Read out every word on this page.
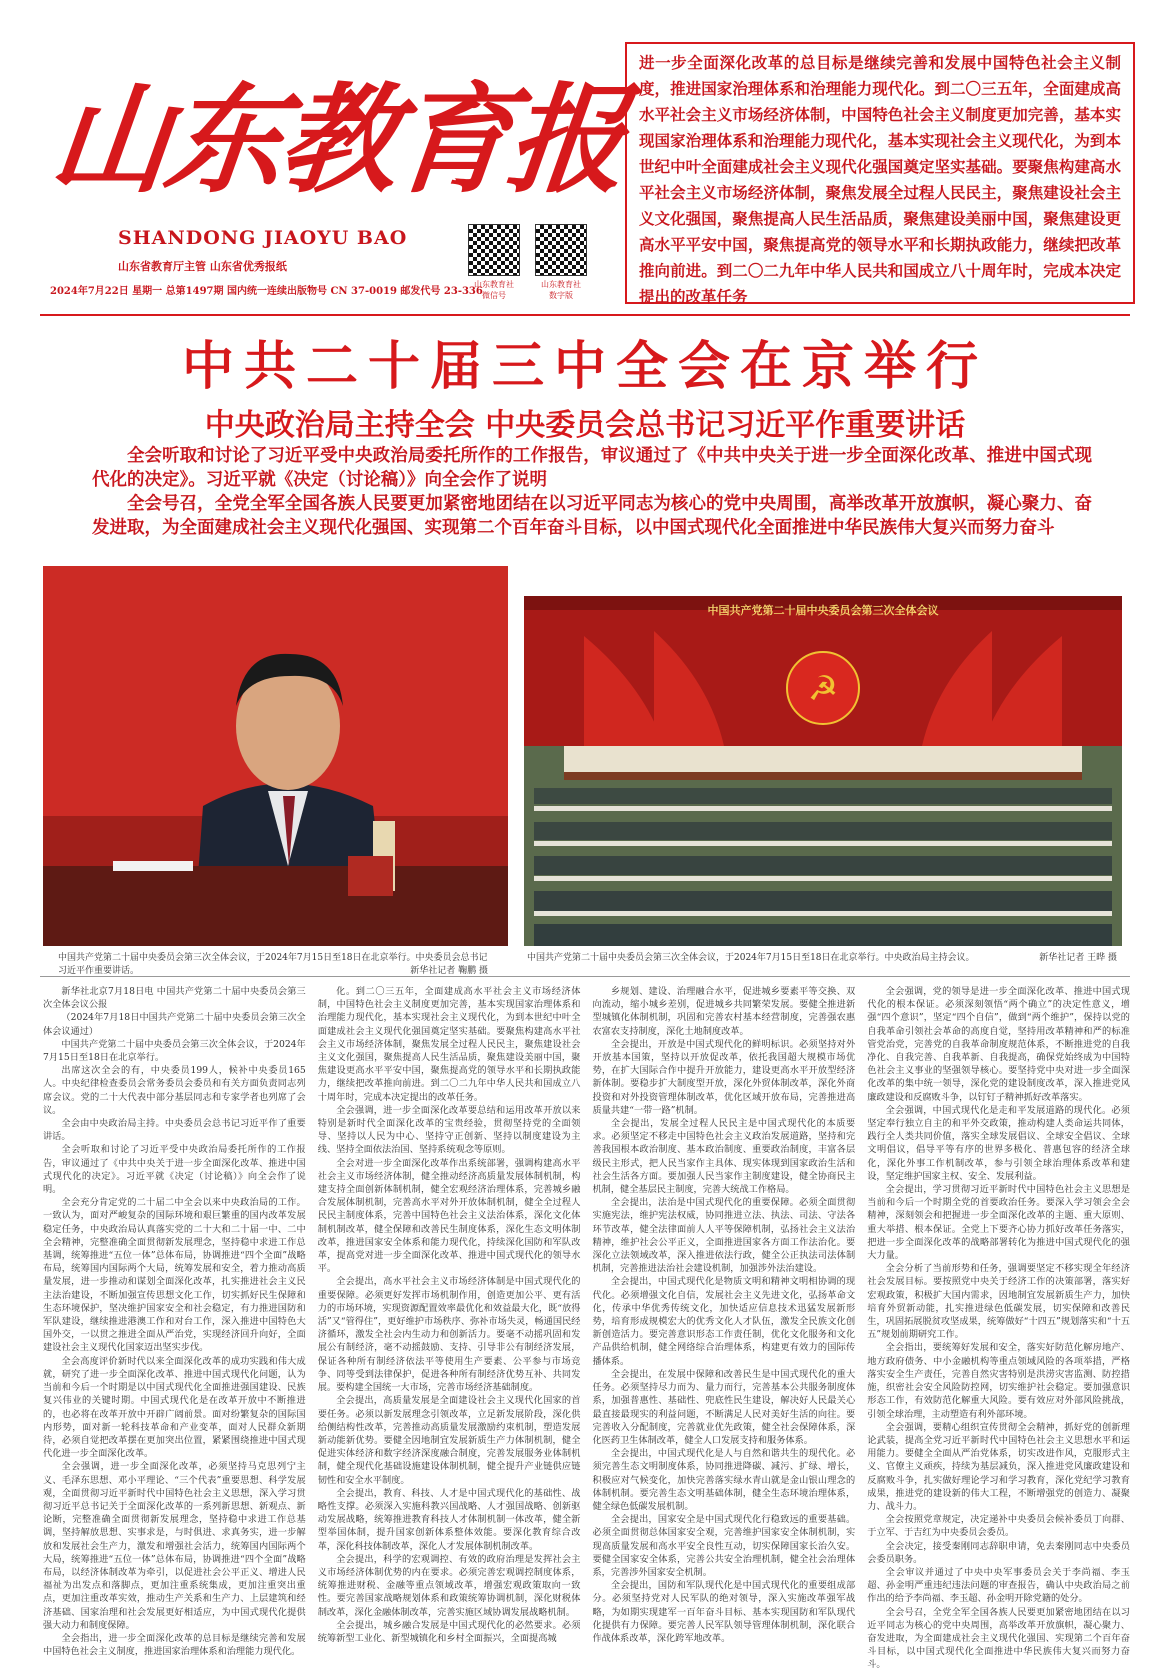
山东教育报
SHANDONG JIAOYU BAO
山东省教育厅主管 山东省优秀报纸
2024年7月22日 星期一 总第1497期 国内统一连续出版物号 CN 37-0019 邮发代号 23-336
山东教育社
微信号
山东教育社
数字版
进一步全面深化改革的总目标是继续完善和发展中国特色社会主义制度，推进国家治理体系和治理能力现代化。到二〇三五年，全面建成高水平社会主义市场经济体制，中国特色社会主义制度更加完善，基本实现国家治理体系和治理能力现代化，基本实现社会主义现代化，为到本世纪中叶全面建成社会主义现代化强国奠定坚实基础。要聚焦构建高水平社会主义市场经济体制，聚焦发展全过程人民民主，聚焦建设社会主义文化强国，聚焦提高人民生活品质，聚焦建设美丽中国，聚焦建设更高水平平安中国，聚焦提高党的领导水平和长期执政能力，继续把改革推向前进。到二〇二九年中华人民共和国成立八十周年时，完成本决定提出的改革任务
中共二十届三中全会在京举行
中央政治局主持全会 中央委员会总书记习近平作重要讲话
全会听取和讨论了习近平受中央政治局委托所作的工作报告，审议通过了《中共中央关于进一步全面深化改革、推进中国式现代化的决定》。习近平就《决定（讨论稿）》向全会作了说明
全会号召，全党全军全国各族人民要更加紧密地团结在以习近平同志为核心的党中央周围，高举改革开放旗帜，凝心聚力、奋发进取，为全面建成社会主义现代化强国、实现第二个百年奋斗目标，以中国式现代化全面推进中华民族伟大复兴而努力奋斗
中国共产党第二十届中央委员会第三次全体会议，于2024年7月15日至18日在北京举行。中央委员会总书记习近平作重要讲话。	新华社记者 鞠鹏 摄
☭
中国共产党第二十届中央委员会第三次全体会议
中国共产党第二十届中央委员会第三次全体会议，于2024年7月15日至18日在北京举行。中央政治局主持会议。	新华社记者 王晔 摄

新华社北京7月18日电 中国共产党第二十届中央委员会第三次全体会议公报

（2024年7月18日中国共产党第二十届中央委员会第三次全体会议通过）

中国共产党第二十届中央委员会第三次全体会议，于2024年7月15日至18日在北京举行。

出席这次全会的有，中央委员199人，候补中央委员165人。中央纪律检查委员会常务委员会委员和有关方面负责同志列席会议。党的二十大代表中部分基层同志和专家学者也列席了会议。

全会由中央政治局主持。中央委员会总书记习近平作了重要讲话。

全会听取和讨论了习近平受中央政治局委托所作的工作报告，审议通过了《中共中央关于进一步全面深化改革、推进中国式现代化的决定》。习近平就《决定（讨论稿）》向全会作了说明。

全会充分肯定党的二十届二中全会以来中央政治局的工作。一致认为，面对严峻复杂的国际环境和艰巨繁重的国内改革发展稳定任务，中央政治局认真落实党的二十大和二十届一中、二中全会精神，完整准确全面贯彻新发展理念，坚持稳中求进工作总基调，统筹推进“五位一体”总体布局，协调推进“四个全面”战略布局，统筹国内国际两个大局，统筹发展和安全，着力推动高质量发展，进一步推动和谋划全面深化改革，扎实推进社会主义民主法治建设，不断加强宣传思想文化工作，切实抓好民生保障和生态环境保护，坚决维护国家安全和社会稳定，有力推进国防和军队建设，继续推进港澳工作和对台工作，深入推进中国特色大国外交，一以贯之推进全面从严治党，实现经济回升向好，全面建设社会主义现代化国家迈出坚实步伐。

全会高度评价新时代以来全面深化改革的成功实践和伟大成就，研究了进一步全面深化改革、推进中国式现代化问题，认为当前和今后一个时期是以中国式现代化全面推进强国建设、民族复兴伟业的关键时期。中国式现代化是在改革开放中不断推进的，也必将在改革开放中开辟广阔前景。面对纷繁复杂的国际国内形势，面对新一轮科技革命和产业变革，面对人民群众新期待，必须自觉把改革摆在更加突出位置，紧紧围绕推进中国式现代化进一步全面深化改革。

全会强调，进一步全面深化改革，必须坚持马克思列宁主义、毛泽东思想、邓小平理论、“三个代表”重要思想、科学发展观，全面贯彻习近平新时代中国特色社会主义思想，深入学习贯彻习近平总书记关于全面深化改革的一系列新思想、新观点、新论断，完整准确全面贯彻新发展理念，坚持稳中求进工作总基调，坚持解放思想、实事求是，与时俱进、求真务实，进一步解放和发展社会生产力，激发和增强社会活力，统筹国内国际两个大局，统筹推进“五位一体”总体布局，协调推进“四个全面”战略布局，以经济体制改革为牵引，以促进社会公平正义、增进人民福祉为出发点和落脚点，更加注重系统集成，更加注重突出重点，更加注重改革实效，推动生产关系和生产力、上层建筑和经济基础、国家治理和社会发展更好相适应，为中国式现代化提供强大动力和制度保障。

全会指出，进一步全面深化改革的总目标是继续完善和发展中国特色社会主义制度，推进国家治理体系和治理能力现代化。

化。到二〇三五年，全面建成高水平社会主义市场经济体制，中国特色社会主义制度更加完善，基本实现国家治理体系和治理能力现代化，基本实现社会主义现代化，为到本世纪中叶全面建成社会主义现代化强国奠定坚实基础。要聚焦构建高水平社会主义市场经济体制，聚焦发展全过程人民民主，聚焦建设社会主义文化强国，聚焦提高人民生活品质，聚焦建设美丽中国，聚焦建设更高水平平安中国，聚焦提高党的领导水平和长期执政能力，继续把改革推向前进。到二〇二九年中华人民共和国成立八十周年时，完成本决定提出的改革任务。

全会强调，进一步全面深化改革要总结和运用改革开放以来特别是新时代全面深化改革的宝贵经验，贯彻坚持党的全面领导、坚持以人民为中心、坚持守正创新、坚持以制度建设为主线、坚持全面依法治国、坚持系统观念等原则。

全会对进一步全面深化改革作出系统部署，强调构建高水平社会主义市场经济体制，健全推动经济高质量发展体制机制，构建支持全面创新体制机制，健全宏观经济治理体系，完善城乡融合发展体制机制，完善高水平对外开放体制机制，健全全过程人民民主制度体系，完善中国特色社会主义法治体系，深化文化体制机制改革，健全保障和改善民生制度体系，深化生态文明体制改革，推进国家安全体系和能力现代化，持续深化国防和军队改革，提高党对进一步全面深化改革、推进中国式现代化的领导水平。

全会提出，高水平社会主义市场经济体制是中国式现代化的重要保障。必须更好发挥市场机制作用，创造更加公平、更有活力的市场环境，实现资源配置效率最优化和效益最大化，既“放得活”又“管得住”，更好维护市场秩序、弥补市场失灵，畅通国民经济循环，激发全社会内生动力和创新活力。要毫不动摇巩固和发展公有制经济，毫不动摇鼓励、支持、引导非公有制经济发展，保证各种所有制经济依法平等使用生产要素、公平参与市场竞争、同等受到法律保护，促进各种所有制经济优势互补、共同发展。要构建全国统一大市场，完善市场经济基础制度。

全会提出，高质量发展是全面建设社会主义现代化国家的首要任务。必须以新发展理念引领改革，立足新发展阶段，深化供给侧结构性改革，完善推动高质量发展激励约束机制，塑造发展新动能新优势。要健全因地制宜发展新质生产力体制机制，健全促进实体经济和数字经济深度融合制度，完善发展服务业体制机制，健全现代化基础设施建设体制机制，健全提升产业链供应链韧性和安全水平制度。

全会提出，教育、科技、人才是中国式现代化的基础性、战略性支撑。必须深入实施科教兴国战略、人才强国战略、创新驱动发展战略，统筹推进教育科技人才体制机制一体改革，健全新型举国体制，提升国家创新体系整体效能。要深化教育综合改革，深化科技体制改革，深化人才发展体制机制改革。

全会提出，科学的宏观调控、有效的政府治理是发挥社会主义市场经济体制优势的内在要求。必须完善宏观调控制度体系，统筹推进财税、金融等重点领域改革，增强宏观政策取向一致性。要完善国家战略规划体系和政策统筹协调机制，深化财税体制改革，深化金融体制改革，完善实施区域协调发展战略机制。

全会提出，城乡融合发展是中国式现代化的必然要求。必须统筹新型工业化、新型城镇化和乡村全面振兴，全面提高城

乡规划、建设、治理融合水平，促进城乡要素平等交换、双向流动，缩小城乡差别，促进城乡共同繁荣发展。要健全推进新型城镇化体制机制，巩固和完善农村基本经营制度，完善强农惠农富农支持制度，深化土地制度改革。

全会提出，开放是中国式现代化的鲜明标识。必须坚持对外开放基本国策，坚持以开放促改革，依托我国超大规模市场优势，在扩大国际合作中提升开放能力，建设更高水平开放型经济新体制。要稳步扩大制度型开放，深化外贸体制改革，深化外商投资和对外投资管理体制改革，优化区域开放布局，完善推进高质量共建“一带一路”机制。

全会提出，发展全过程人民民主是中国式现代化的本质要求。必须坚定不移走中国特色社会主义政治发展道路，坚持和完善我国根本政治制度、基本政治制度、重要政治制度，丰富各层级民主形式，把人民当家作主具体、现实体现到国家政治生活和社会生活各方面。要加强人民当家作主制度建设，健全协商民主机制，健全基层民主制度，完善大统战工作格局。

全会提出，法治是中国式现代化的重要保障。必须全面贯彻实施宪法，维护宪法权威，协同推进立法、执法、司法、守法各环节改革，健全法律面前人人平等保障机制，弘扬社会主义法治精神，维护社会公平正义，全面推进国家各方面工作法治化。要深化立法领域改革，深入推进依法行政，健全公正执法司法体制机制，完善推进法治社会建设机制，加强涉外法治建设。

全会提出，中国式现代化是物质文明和精神文明相协调的现代化。必须增强文化自信，发展社会主义先进文化，弘扬革命文化，传承中华优秀传统文化，加快适应信息技术迅猛发展新形势，培育形成规模宏大的优秀文化人才队伍，激发全民族文化创新创造活力。要完善意识形态工作责任制，优化文化服务和文化产品供给机制，健全网络综合治理体系，构建更有效力的国际传播体系。

全会提出，在发展中保障和改善民生是中国式现代化的重大任务。必须坚持尽力而为、量力而行，完善基本公共服务制度体系，加强普惠性、基础性、兜底性民生建设，解决好人民最关心最直接最现实的利益问题，不断满足人民对美好生活的向往。要完善收入分配制度，完善就业优先政策，健全社会保障体系，深化医药卫生体制改革，健全人口发展支持和服务体系。

全会提出，中国式现代化是人与自然和谐共生的现代化。必须完善生态文明制度体系，协同推进降碳、减污、扩绿、增长，积极应对气候变化，加快完善落实绿水青山就是金山银山理念的体制机制。要完善生态文明基础体制，健全生态环境治理体系，健全绿色低碳发展机制。

全会提出，国家安全是中国式现代化行稳致远的重要基础。必须全面贯彻总体国家安全观，完善维护国家安全体制机制，实现高质量发展和高水平安全良性互动，切实保障国家长治久安。要健全国家安全体系，完善公共安全治理机制，健全社会治理体系，完善涉外国家安全机制。

全会提出，国防和军队现代化是中国式现代化的重要组成部分。必须坚持党对人民军队的绝对领导，深入实施改革强军战略，为如期实现建军一百年奋斗目标、基本实现国防和军队现代化提供有力保障。要完善人民军队领导管理体制机制，深化联合作战体系改革，深化跨军地改革。

全会强调，党的领导是进一步全面深化改革、推进中国式现代化的根本保证。必须深刻领悟“两个确立”的决定性意义，增强“四个意识”，坚定“四个自信”，做到“两个维护”，保持以党的自我革命引领社会革命的高度自觉，坚持用改革精神和严的标准管党治党，完善党的自我革命制度规范体系，不断推进党的自我净化、自我完善、自我革新、自我提高，确保党始终成为中国特色社会主义事业的坚强领导核心。要坚持党中央对进一步全面深化改革的集中统一领导，深化党的建设制度改革，深入推进党风廉政建设和反腐败斗争，以钉钉子精神抓好改革落实。

全会强调，中国式现代化是走和平发展道路的现代化。必须坚定奉行独立自主的和平外交政策，推动构建人类命运共同体，践行全人类共同价值，落实全球发展倡议、全球安全倡议、全球文明倡议，倡导平等有序的世界多极化、普惠包容的经济全球化，深化外事工作机制改革，参与引领全球治理体系改革和建设，坚定维护国家主权、安全、发展利益。

全会提出，学习贯彻习近平新时代中国特色社会主义思想是当前和今后一个时期全党的首要政治任务。要深入学习领会全会精神，深刻领会和把握进一步全面深化改革的主题、重大原则、重大举措、根本保证。全党上下要齐心协力抓好改革任务落实，把进一步全面深化改革的战略部署转化为推进中国式现代化的强大力量。

全会分析了当前形势和任务，强调要坚定不移实现全年经济社会发展目标。要按照党中央关于经济工作的决策部署，落实好宏观政策，积极扩大国内需求，因地制宜发展新质生产力，加快培育外贸新动能，扎实推进绿色低碳发展，切实保障和改善民生，巩固拓展脱贫攻坚成果，统筹做好“十四五”规划落实和“十五五”规划前期研究工作。

全会指出，要统筹好发展和安全，落实好防范化解房地产、地方政府债务、中小金融机构等重点领域风险的各项举措，严格落实安全生产责任，完善自然灾害特别是洪涝灾害监测、防控措施，织密社会安全风险防控网，切实维护社会稳定。要加强意识形态工作，有效防范化解重大风险。要有效应对外部风险挑战，引领全球治理，主动塑造有利外部环境。

全会强调，要精心组织宣传贯彻全会精神，抓好党的创新理论武装，提高全党习近平新时代中国特色社会主义思想水平和运用能力。要健全全面从严治党体系，切实改进作风，克服形式主义、官僚主义顽疾，持续为基层减负，深入推进党风廉政建设和反腐败斗争，扎实做好理论学习和学习教育，深化党纪学习教育成果，推进党的建设新的伟大工程，不断增强党的创造力、凝聚力、战斗力。

全会按照党章规定，决定递补中央委员会候补委员丁向群、于立军、于吉红为中央委员会委员。

全会决定，接受秦刚同志辞职申请，免去秦刚同志中央委员会委员职务。

全会审议并通过了中央中央军事委员会关于李尚福、李玉超、孙金明严重违纪违法问题的审查报告，确认中央政治局之前作出的给予李尚福、李玉超、孙金明开除党籍的处分。

全会号召，全党全军全国各族人民要更加紧密地团结在以习近平同志为核心的党中央周围，高举改革开放旗帜，凝心聚力、奋发进取，为全面建成社会主义现代化强国、实现第二个百年奋斗目标，以中国式现代化全面推进中华民族伟大复兴而努力奋斗。
